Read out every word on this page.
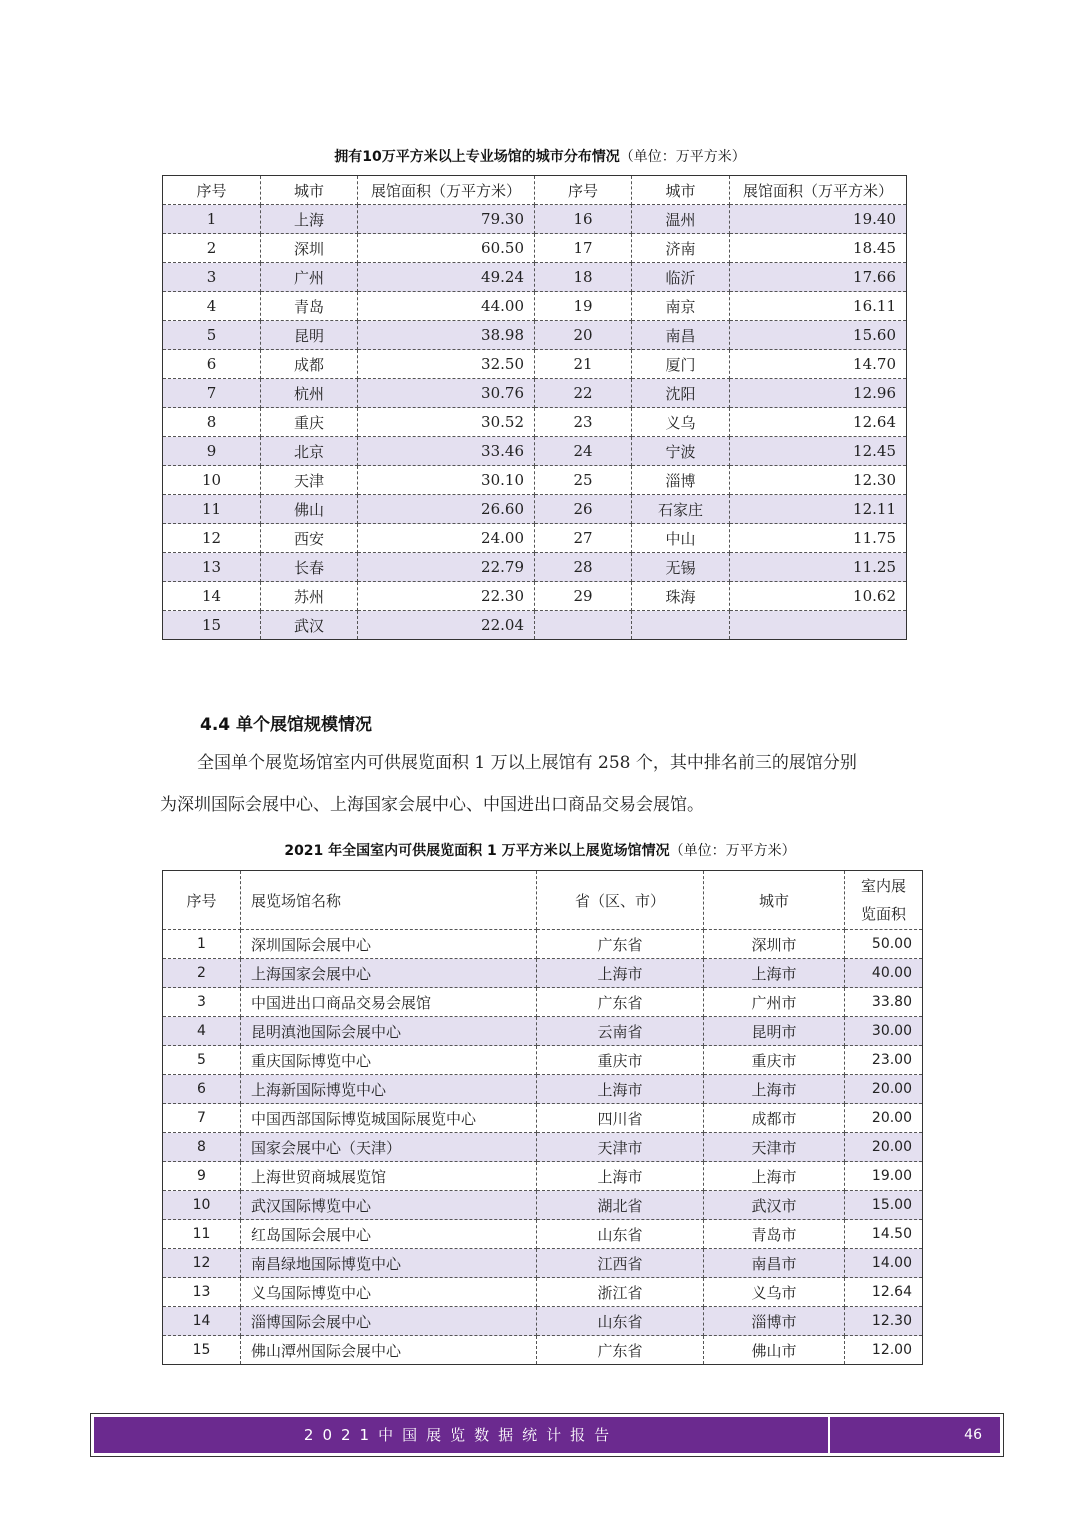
拥有10万平方米以上专业场馆的城市分布情况（单位：万平方米）
序号	城市	展馆面积（万平方米）	序号	城市	展馆面积（万平方米）
1	上海	79.30	16	温州	19.40
2	深圳	60.50	17	济南	18.45
3	广州	49.24	18	临沂	17.66
4	青岛	44.00	19	南京	16.11
5	昆明	38.98	20	南昌	15.60
6	成都	32.50	21	厦门	14.70
7	杭州	30.76	22	沈阳	12.96
8	重庆	30.52	23	义乌	12.64
9	北京	33.46	24	宁波	12.45
10	天津	30.10	25	淄博	12.30
11	佛山	26.60	26	石家庄	12.11
12	西安	24.00	27	中山	11.75
13	长春	22.79	28	无锡	11.25
14	苏州	22.30	29	珠海	10.62
15	武汉	22.04			
4.4 单个展馆规模情况
全国单个展览场馆室内可供展览面积 1 万以上展馆有 258 个，其中排名前三的展馆分别
为深圳国际会展中心、上海国家会展中心、中国进出口商品交易会展馆。
2021 年全国室内可供展览面积 1 万平方米以上展览场馆情况（单位：万平方米）
序号	展览场馆名称	省（区、市）	城市	室内展
览面积
1	深圳国际会展中心	广东省	深圳市	50.00
2	上海国家会展中心	上海市	上海市	40.00
3	中国进出口商品交易会展馆	广东省	广州市	33.80
4	昆明滇池国际会展中心	云南省	昆明市	30.00
5	重庆国际博览中心	重庆市	重庆市	23.00
6	上海新国际博览中心	上海市	上海市	20.00
7	中国西部国际博览城国际展览中心	四川省	成都市	20.00
8	国家会展中心（天津）	天津市	天津市	20.00
9	上海世贸商城展览馆	上海市	上海市	19.00
10	武汉国际博览中心	湖北省	武汉市	15.00
11	红岛国际会展中心	山东省	青岛市	14.50
12	南昌绿地国际博览中心	江西省	南昌市	14.00
13	义乌国际博览中心	浙江省	义乌市	12.64
14	淄博国际会展中心	山东省	淄博市	12.30
15	佛山潭州国际会展中心	广东省	佛山市	12.00
2021中国展览数据统计报告	46
